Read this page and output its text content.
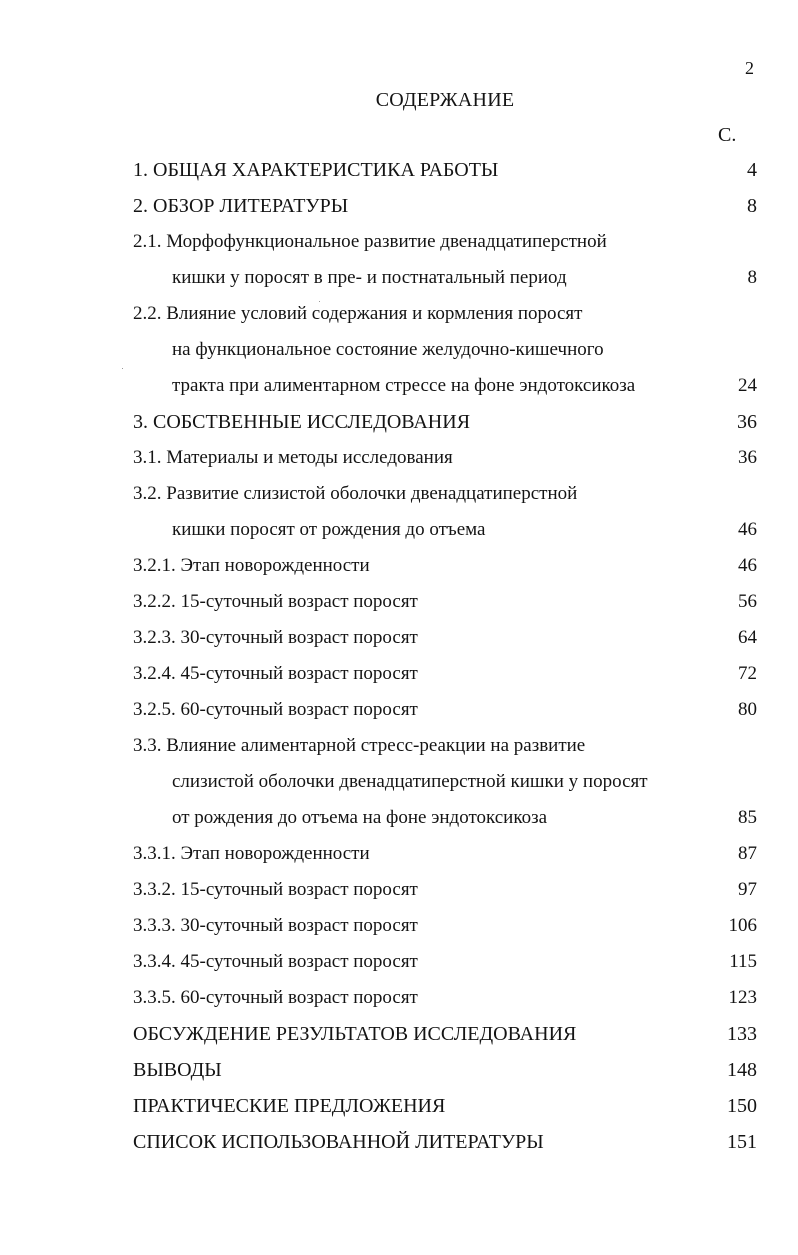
2
СОДЕРЖАНИЕ
С.
1. ОБЩАЯ ХАРАКТЕРИСТИКА РАБОТЫ	4
2. ОБЗОР ЛИТЕРАТУРЫ	8
2.1. Морфофункциональное развитие двенадцатиперстной
кишки у поросят в пре- и постнатальный период	8
2.2. Влияние условий содержания и кормления поросят
на функциональное состояние желудочно-кишечного
тракта при алиментарном стрессе на фоне эндотоксикоза	24
3. СОБСТВЕННЫЕ ИССЛЕДОВАНИЯ	36
3.1. Материалы и методы исследования	36
3.2. Развитие слизистой оболочки двенадцатиперстной
кишки поросят от рождения до отъема	46
3.2.1. Этап новорожденности	46
3.2.2. 15-суточный возраст поросят	56
3.2.3. 30-суточный возраст поросят	64
3.2.4. 45-суточный возраст поросят	72
3.2.5. 60-суточный возраст поросят	80
3.3. Влияние алиментарной стресс-реакции на развитие
слизистой оболочки двенадцатиперстной кишки у поросят
от рождения до отъема на фоне эндотоксикоза	85
3.3.1. Этап новорожденности	87
3.3.2. 15-суточный возраст поросят	97
3.3.3. 30-суточный возраст поросят	106
3.3.4. 45-суточный возраст поросят	115
3.3.5. 60-суточный возраст поросят	123
ОБСУЖДЕНИЕ РЕЗУЛЬТАТОВ ИССЛЕДОВАНИЯ	133
ВЫВОДЫ	148
ПРАКТИЧЕСКИЕ ПРЕДЛОЖЕНИЯ	150
СПИСОК ИСПОЛЬЗОВАННОЙ ЛИТЕРАТУРЫ	151
